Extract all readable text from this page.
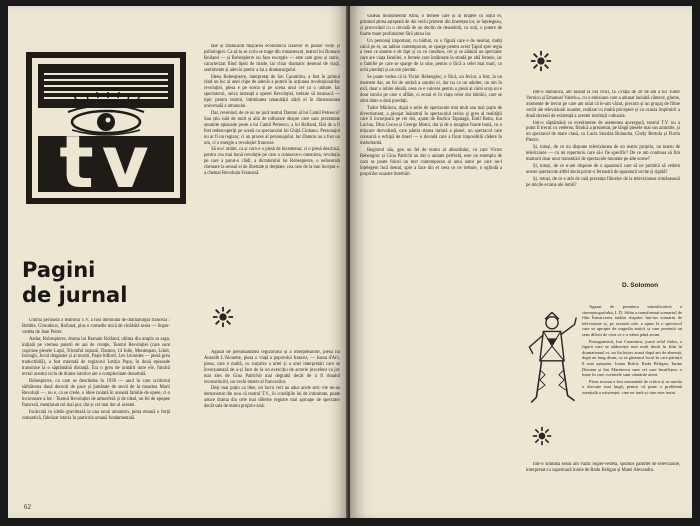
tv
Pagini
de jurnal

Ultima perioadă a teatrului T.V. a fost dominată de dramaturgia franceză : Bobbie, Giraudoux, Rolland, plus o comedie mică de cinăbătă seara — Super-vedeta de Jean Peiret.

Aadar, Robespierre, drama lui Romain Rolland, ultima din ampla sa saga, inițiată pe vremea puterii de ani de creație, Teatrul Revoluției (care sunt cuprinse piesele Lupii, Triumful rațiunii, Danton, 14 Iulie, Montespan, Lilult, Invingii, Jocul dragostei și al morții, Paște înflorit, Les Léonides — piesă greu traductibilă), a fost montată de regizorul Letiția Popa, în două episoade transmise la o săptămână distanță. Era o greu de urmărit intre ele, fiindcă textul acestui ciclu de drame istorice are o complexitate deosebită.

Robespierre, cu care se deschidea în 1939 — anul în care scriitorul sărbătorea două decenii de pace și jumătate de secol de la moartea Marii Revoluții —, nu e, ca se crede, o ideie izolată în această familie de opere, ci o încoronare a lor : Teatrul Revoluției de atmosferă și de ideal, un fel de epopee franceză, menționat cel mai pur, dar și cel mai dur al acestei.

Incărcată cu ideile gravitează la una nouă umanism, piesa emană o forță romantică, fidelizat istoria în particula umană fundamentală.

tale și traducând mișcarea economică claselor în planul vieții și psihologiei. Ca să tu se scriu se trage din romanescul, teatrul lui Romain Rolland — și Robespierre nu face excepție — este cam greu și static, caracterizat fiind lipsit de tirade, iar chiar dramatic desenul de viață, sentimente și adevăr poetic a lui a dramaturgului.

Ideea Robespierre, interpretat de Ion Caramitru, a fost în primul rând un loc al unei clipe de adevăr a puterii în acțiunea revoluționarilor revoluției, piesa e pe scena și pe scena unui cer ca o unitate. Iar spectatorul, unica instanță a operei Revoluției, trebuie să intuiască — tipic pentru teatrul, intimitatea umanității stării ei în dimensiunea universală a umanului.

Dar, revenind, de ce nu ne jucă teatrul Danton al lui Camil Petrescu? Sau știu sută de mult și altă de tulburare despre care sunt prezentate anumite episoade peste a lui Camil Petrescu, a lui Rolland, fără de a fi fost redescoperiți pe scenă cu spectacolul lui Ghiță Ciobanu. Personajul nu ar fi un regizor, ci un proces al personajului. Iar Danton nu a fost un om, ci o energie a revoluției franceze.

Să nu-i uităm, ca și cum e o piesă de bicentenar, ci o piesă deschisă, pentru cea mai bună revoluție pe care a cunoscut-o omenirea, revoluția pe care a putut-o clădi, a dictatorului lui Robespierre, o neîncetată chemare la sensul ei de libertate și dreptate, cea care de la bun început s-a chemat Revoluția Franceză.

Agasat de personalitatea regizorului și a interpretărilor, piesa lui Anouilh L'Alouette, piesa o viață a poporului francez, — Ioana d'Arc, piesa, care e multă, cu surprize a artei și a unei interpretări care se înverșunează de a-și face de la un exercițiu de actorie (excelent ca joc mai ales de Gina Patrichi) mai degrabă decât de a fi ritualul reconstituirii, un vechi mister al francezilor.

Deși mai puțin ca idee, un lucru cert au adus acele seri: ele ne-au demonstrat din nou că teatrul T.V., în condițiile lui de intimitate, poate aduce drama din cele mai diferite registre mai aproape de spectator decât sala de teatru propriu-zisă.

62

vădeau monumentul Albu, o femeie care și în brațele cu soțul ei, primind știrea așteptată de doi vechi prieteni din tinerețea lor, se înțelegeau, și provocând cu o dovadă de un declin de deosebită, cu unii, o putere de foarte mare profunzime fără știrea lor.

Un personaj important, cu bărbat, cu o figură care e de neuitat, mulți calcă pe ei, un tablou contemporan, se sparge pentru acest Țapul spre regia a ceea ce anume e de fapt și cu ce conduce, cei și se alătură un spectator care are viața familiei, o femeie care întâlnește în stradă pe altă femeie, iar o familie pe care se sparge de la sine, pentru o fiică a celei mai mari, cu ochi pierduți și un om pierdut.

Se poate vedea că la Victor Rebengiuc, o fiică, un fecior, a fost, la un moment dat, un fel de umbră a soțului ei, dar nu ca un adulter, un om în exil, doar o iubire ideală, ceea ce e valoros pentru o piesă al cărei scop nu e doar istoria pe care o aflăm, ci ecoul ei în viața celor doi bătrâni, care se simt dintr-o dată pierduți.

Tudor Mărăscu, după o serie de spectacole mai mult sau mai puțin de divertisment, a plonjat înăuntrul în spectacolul serios și greu al realității care îi înconjoară pe cei doi, ajutat de Rodica Tapalagă, Emil Botta, Ion Lucian, Dina Cocea și George Motoi, dar și de o imagine foarte bună, cu o mișcare dezvoltată, care păstra starea intimă a piesei, un spectacol care consacră o echipă de tineri — o dovadă care a făcut imposibilă cădere în melodramă.

Registrul său, gen un fel de teatru al absurdului, cu care Victor Rebengiuc și Gina Patrichi au dat o unitate perfectă, este un exemplu de cum se poate folosi un text contemporan al unui autor pe care nu-l înțelegem încă destul, spre a face din el ceea ce ne trebuie, o oglindă a propriilor noastre întrebări.

Intr-o duminică, am asistat la ora cinci, la «Viața de 20 de ani a lui Tudor Vornicu și Emanuel Valeriu», cu o emisiune care a adunat laolaltă cântece, glume, momente de trecut pe care am uitat că le-am văzut, precum și un grupaj de filme vechi ale televiziunii noastre, realizat cu multă pricepere și cu ocazia împlinirii a două decenii de existență a acestei instituții culturale.

Intr-o săptămână cu evenimente de asemenea anvergură, teatrul T.V. nu a putut fi trecut cu vederea, fiindcă a prezentat, pe lângă piesele mai sus amintite, și un spectacol de mare clasă, cu Lucia Sturdza Bulandra, Clody Bertola și Florin Piersic.

Și, totuși, de ce nu dispune televiziunea de un teatru propriu, un teatru de televiziune — cu un repertoriu care să-i fie specific? De ce am continua să fim martorii doar unor transmisii de spectacole montate pe alte scene?

Și, totuși, de ce n-am dispune de o aparatură care să ne permită să vedem aceste spectacole altfel decât printr-o fereastră de aparatură veche și rigidă?

Și, totuși, de ce e atât de rară prezența filmelor de la televiziunea românească pe micile ecrane ale lumii?

D. Solomon

Agasat de premiera semnificativă a cinematografului, I. D. Sîrbu a transformat scenariul de film Întoarcerea tatălui risipitor într-un scenariu de televiziune și, pe această cale, a ajuns la o spectacol care se apropie de tragedia antică și care prezintă un sens diferit de ceea ce s-a văzut până acum.

Protagonistul, Ion Caramitru, joacă rolul fiului, o figură care se adâncește mai mult decât în film în dramatismul ei, un fiu întors acasă după ani de absență, după un lung drum, ca să găsească locul în care părinții îl mai așteptau. Ioana Bulcă, Radu Beligan, Iarina Demian și Ion Marinescu sunt cei care însuflețesc o lume în care cuvintele sunt cântărite atent.

Piesa tocmai a fost semnalată de critica și ar merita o discuție mai largă, pentru că pune o problemă esențială a existenței: cine ne iartă și cine este iertat.

Intr-o sîmbătă seara am văzut Super-vedeta, spumos pamflet de televiziune, interpretat cu superioară ironie de Radu Beligan și Matei Alexandru.
